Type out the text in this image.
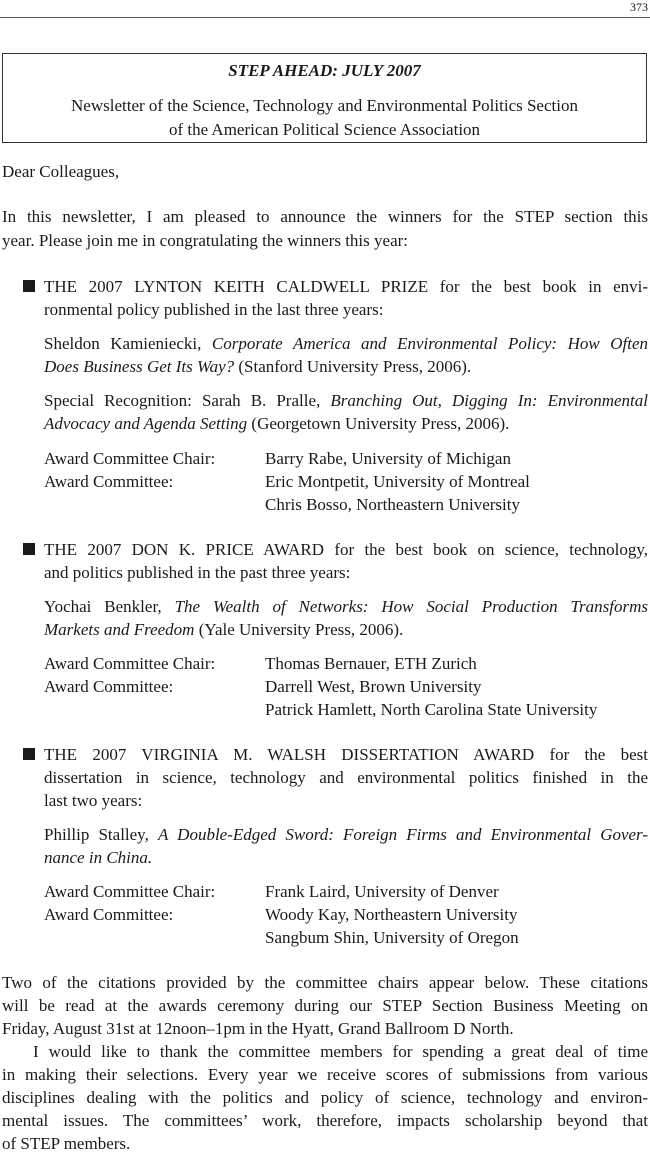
373
STEP AHEAD: JULY 2007
Newsletter of the Science, Technology and Environmental Politics Section
of the American Political Science Association
Dear Colleagues,
In this newsletter, I am pleased to announce the winners for the STEP section this
year. Please join me in congratulating the winners this year:
THE 2007 LYNTON KEITH CALDWELL PRIZE for the best book in envi-
ronmental policy published in the last three years:
Sheldon Kamieniecki, Corporate America and Environmental Policy: How Often
Does Business Get Its Way? (Stanford University Press, 2006).
Special Recognition: Sarah B. Pralle, Branching Out, Digging In: Environmental
Advocacy and Agenda Setting (Georgetown University Press, 2006).
Award Committee Chair:	Barry Rabe, University of Michigan
Award Committee:	Eric Montpetit, University of Montreal
Chris Bosso, Northeastern University
THE 2007 DON K. PRICE AWARD for the best book on science, technology,
and politics published in the past three years:
Yochai Benkler, The Wealth of Networks: How Social Production Transforms
Markets and Freedom (Yale University Press, 2006).
Award Committee Chair:	Thomas Bernauer, ETH Zurich
Award Committee:	Darrell West, Brown University
Patrick Hamlett, North Carolina State University
THE 2007 VIRGINIA M. WALSH DISSERTATION AWARD for the best
dissertation in science, technology and environmental politics finished in the
last two years:
Phillip Stalley, A Double-Edged Sword: Foreign Firms and Environmental Gover-
nance in China.
Award Committee Chair:	Frank Laird, University of Denver
Award Committee:	Woody Kay, Northeastern University
Sangbum Shin, University of Oregon
Two of the citations provided by the committee chairs appear below. These citations
will be read at the awards ceremony during our STEP Section Business Meeting on
Friday, August 31st at 12noon–1pm in the Hyatt, Grand Ballroom D North.
I would like to thank the committee members for spending a great deal of time
in making their selections. Every year we receive scores of submissions from various
disciplines dealing with the politics and policy of science, technology and environ-
mental issues. The committees’ work, therefore, impacts scholarship beyond that
of STEP members.
